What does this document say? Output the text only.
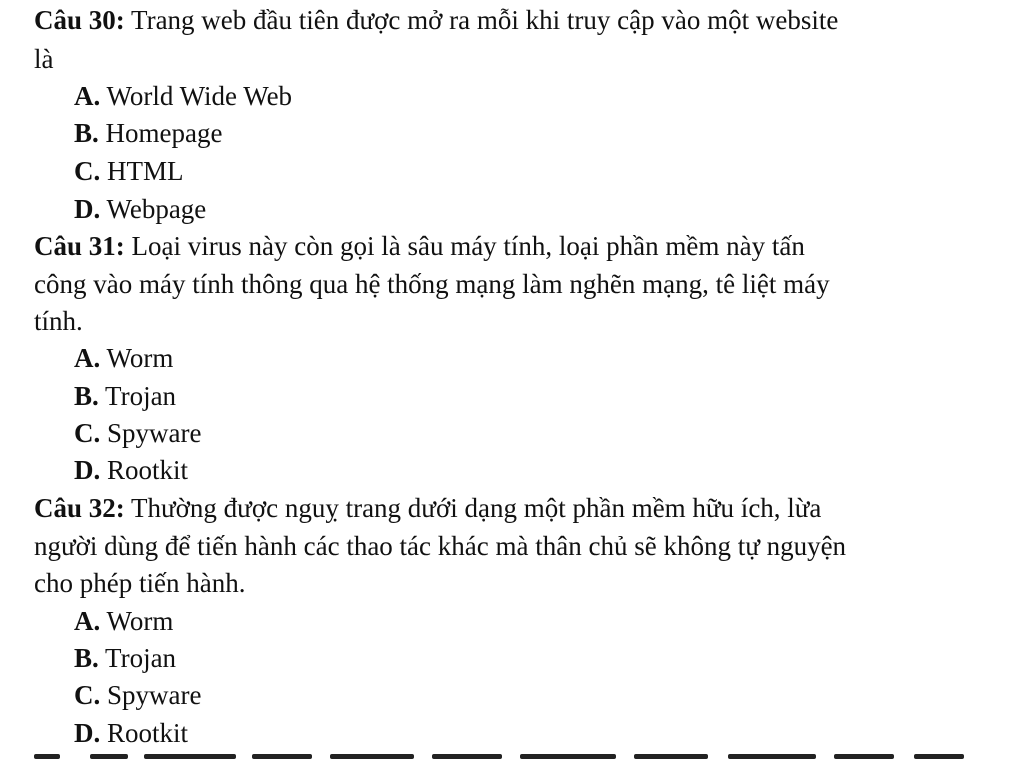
Câu 30: Trang web đầu tiên được mở ra mỗi khi truy cập vào một website
là
A. World Wide Web
B. Homepage
C. HTML
D. Webpage
Câu 31: Loại virus này còn gọi là sâu máy tính, loại phần mềm này tấn
công vào máy tính thông qua hệ thống mạng làm nghẽn mạng, tê liệt máy
tính.
A. Worm
B. Trojan
C. Spyware
D. Rootkit
Câu 32: Thường được nguỵ trang dưới dạng một phần mềm hữu ích, lừa
người dùng để tiến hành các thao tác khác mà thân chủ sẽ không tự nguyện
cho phép tiến hành.
A. Worm
B. Trojan
C. Spyware
D. Rootkit
